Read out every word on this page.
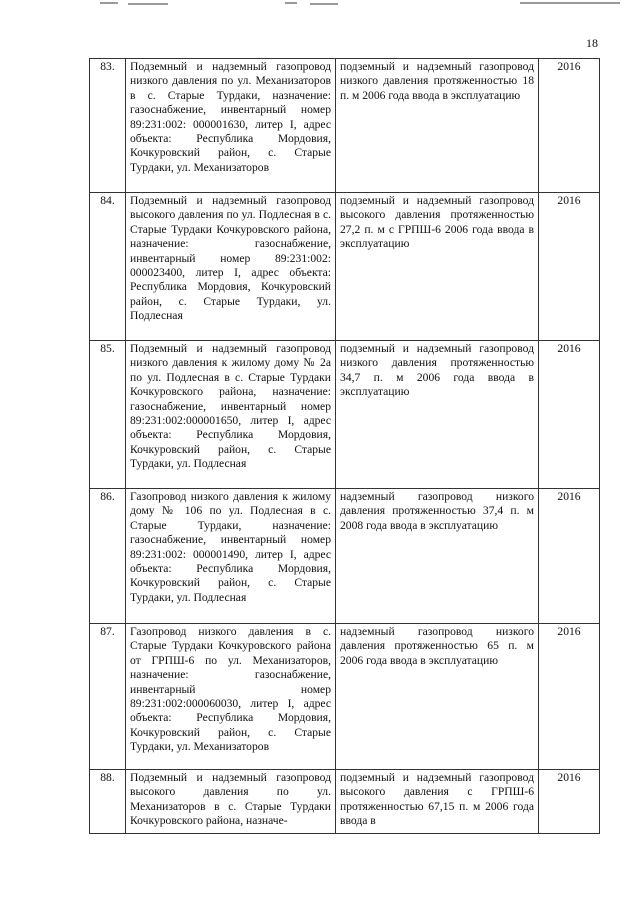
18
83.	Подземный и надземный газопровод низкого давления по ул. Механизаторов в с. Старые Турдаки, назначение: газоснабжение, инвентарный номер 89:231:002: 000001630, литер I, адрес объекта: Республика Мордовия, Кочкуровский район, с. Старые Турдаки, ул. Механизаторов	подземный и надземный газопровод низкого давления протяженностью 18 п. м 2006 года ввода в эксплуатацию	2016
84.	Подземный и надземный газопровод высокого давления по ул. Подлесная в с. Старые Турдаки Кочкуровского района, назначение: газоснабжение, инвентарный номер 89:231:002: 000023400, литер I, адрес объекта: Республика Мордовия, Кочкуровский район, с. Старые Турдаки, ул. Подлесная	подземный и надземный газопровод высокого давления протяженностью 27,2 п. м с ГРПШ-6 2006 года ввода в эксплуатацию	2016
85.	Подземный и надземный газопровод низкого давления к жилому дому № 2а по ул. Подлесная в с. Старые Турдаки Кочкуровского района, назначение: газоснабжение, инвентарный номер 89:231:002:000001650, литер I, адрес объекта: Республика Мордовия, Кочкуровский район, с. Старые Турдаки, ул. Подлесная	подземный и надземный газопровод низкого давления протяженностью 34,7 п. м 2006 года ввода в эксплуатацию	2016
86.	Газопровод низкого давления к жилому дому № 106 по ул. Подлесная в с. Старые Турдаки, назначение: газоснабжение, инвентарный номер 89:231:002: 000001490, литер I, адрес объекта: Республика Мордовия, Кочкуровский район, с. Старые Турдаки, ул. Подлесная	надземный газопровод низкого давления протяженностью 37,4 п. м 2008 года ввода в эксплуатацию	2016
87.	Газопровод низкого давления в с. Старые Турдаки Кочкуровского района от ГРПШ-6 по ул. Механизаторов, назначение: газоснабжение, инвентарный номер 89:231:002:000060030, литер I, адрес объекта: Республика Мордовия, Кочкуровский район, с. Старые Турдаки, ул. Механизаторов	надземный газопровод низкого давления протяженностью 65 п. м 2006 года ввода в эксплуатацию	2016
88.	Подземный и надземный газопровод высокого давления по ул. Механизаторов в с. Старые Турдаки Кочкуровского района, назначе-	подземный и надземный газопровод высокого давления с ГРПШ-6 протяженностью 67,15 п. м 2006 года ввода в	2016
